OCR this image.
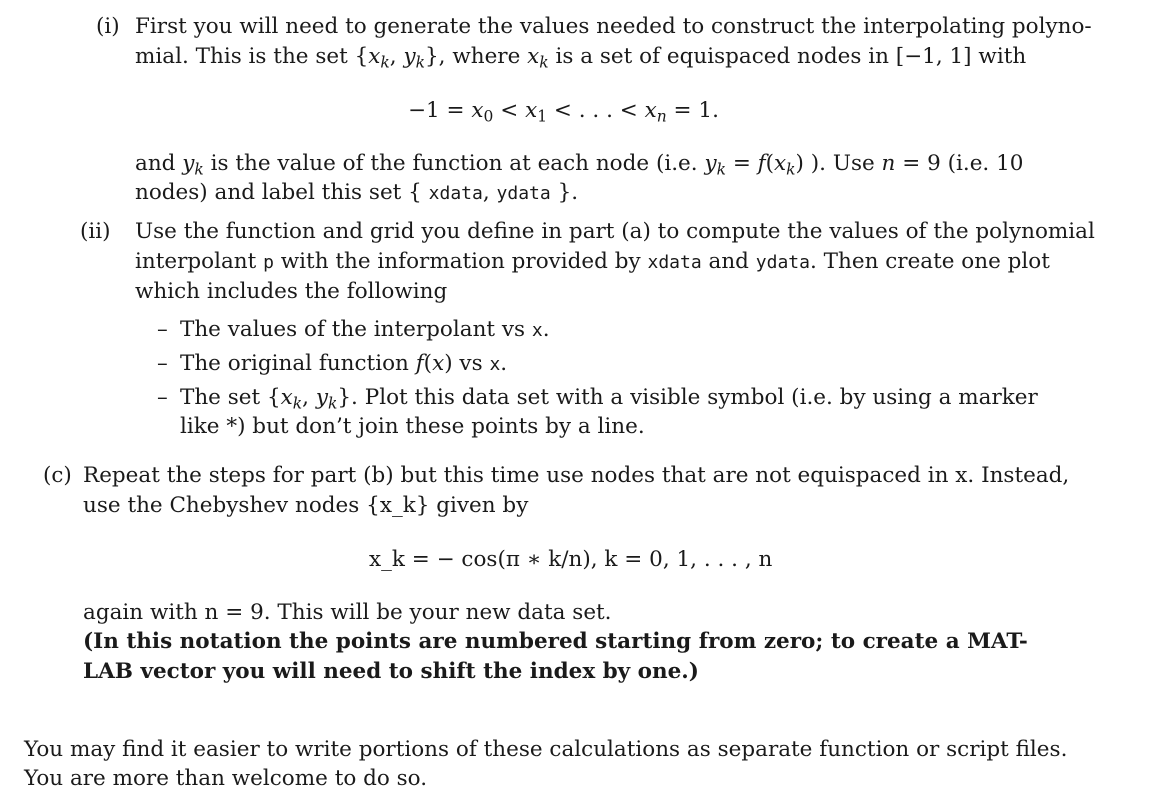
(i) First you will need to generate the values needed to construct the interpolating polyno-
mial. This is the set {$x_k$, $y_k$}, where $x_k$ is a set of equispaced nodes in [−1, 1] with
$-1 = x_0 < x_1$ < . . . < $x_n = 1$.
and $y_k$ is the value of the function at each node (i.e. $y_k = f(x_k)$ ). Use n = 9 (i.e. 10
nodes) and label this set { xdata, ydata }.
(ii) Use the function and grid you define in part (a) to compute the values of the polynomial
interpolant p with the information provided by xdata and ydata. Then create one plot
which includes the following
– The values of the interpolant vs x.
– The original function f(x) vs x.
– The set {$x_k$, $y_k$}. Plot this data set with a visible symbol (i.e. by using a marker
like *) but don’t join these points by a line.
(c) Repeat the steps for part (b) but this time use nodes that are not equispaced in x. Instead,
use the Chebyshev nodes {x_k} given by
x_k = − cos(π ∗ k/n), k = 0, 1, . . . , n
again with n = 9. This will be your new data set.
(In this notation the points are numbered starting from zero; to create a MAT-
LAB vector you will need to shift the index by one.)
You may find it easier to write portions of these calculations as separate function or script files.
You are more than welcome to do so.
